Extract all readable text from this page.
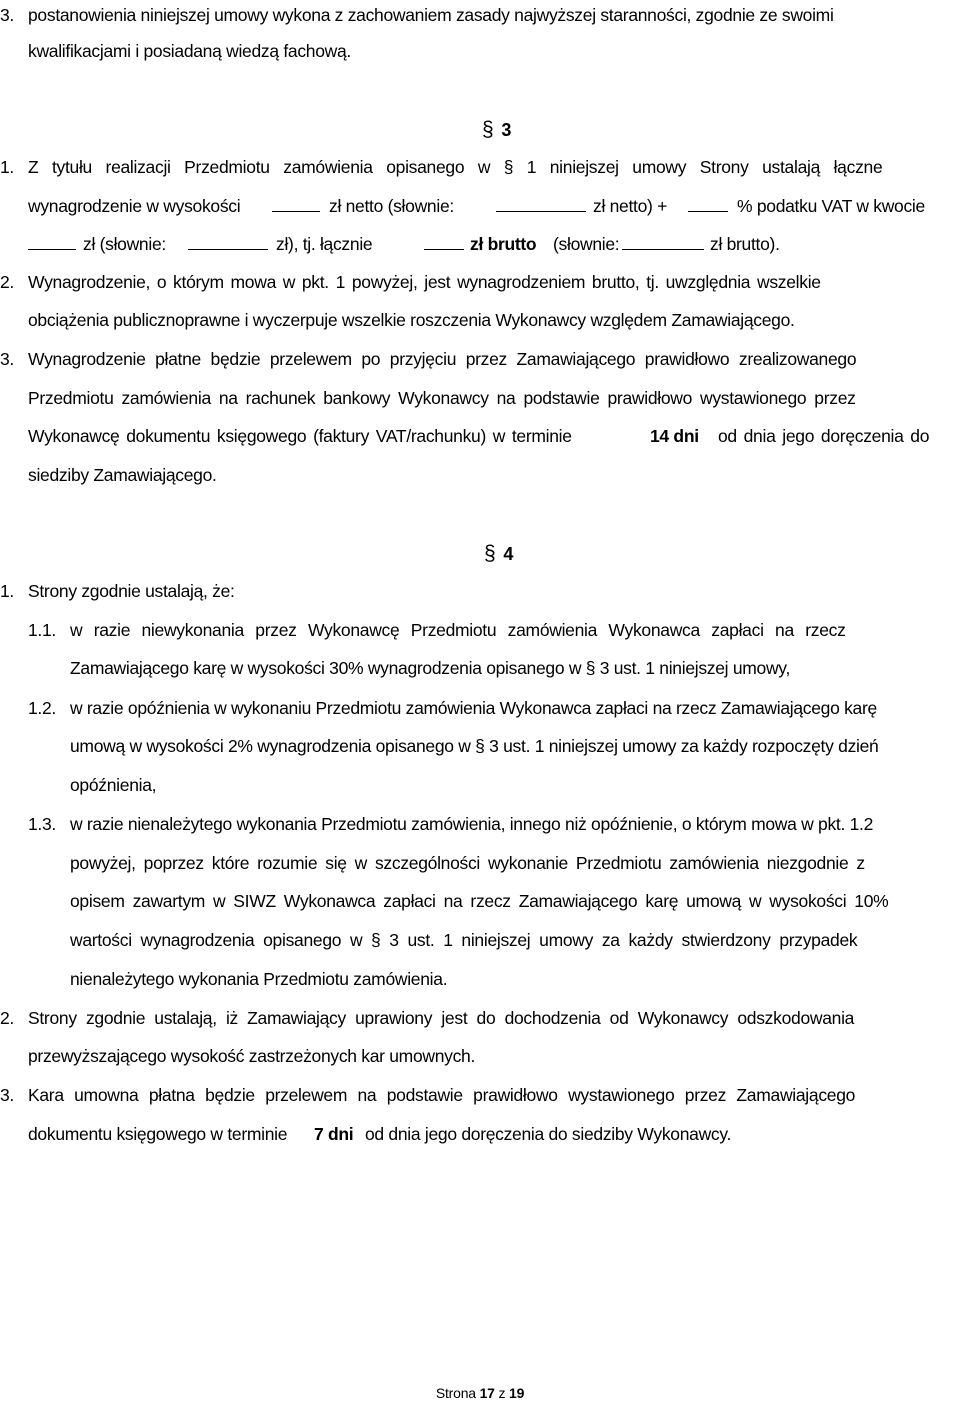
3. postanowienia niniejszej umowy wykona z zachowaniem zasady najwyższej staranności, zgodnie ze swoimi
kwalifikacjami i posiadaną wiedzą fachową.
§ 3
1. Z tytułu realizacji Przedmiotu zamówienia opisanego w § 1 niniejszej umowy Strony ustalają łączne
wynagrodzenie w wysokości	zł netto (słownie:	zł netto) +	% podatku VAT w kwocie
zł (słownie:	zł), tj. łącznie	zł brutto (słownie:	zł brutto).
2. Wynagrodzenie, o którym mowa w pkt. 1 powyżej, jest wynagrodzeniem brutto, tj. uwzględnia wszelkie
obciążenia publicznoprawne i wyczerpuje wszelkie roszczenia Wykonawcy względem Zamawiającego.
3. Wynagrodzenie płatne będzie przelewem po przyjęciu przez Zamawiającego prawidłowo zrealizowanego
Przedmiotu zamówienia na rachunek bankowy Wykonawcy na podstawie prawidłowo wystawionego przez
Wykonawcę dokumentu księgowego (faktury VAT/rachunku) w terminie	14 dni od dnia jego doręczenia do
siedziby Zamawiającego.
§ 4
1. Strony zgodnie ustalają, że:
1.1. w razie niewykonania przez Wykonawcę Przedmiotu zamówienia Wykonawca zapłaci na rzecz
Zamawiającego karę w wysokości 30% wynagrodzenia opisanego w § 3 ust. 1 niniejszej umowy,
1.2. w razie opóźnienia w wykonaniu Przedmiotu zamówienia Wykonawca zapłaci na rzecz Zamawiającego karę
umową w wysokości 2% wynagrodzenia opisanego w § 3 ust. 1 niniejszej umowy za każdy rozpoczęty dzień
opóźnienia,
1.3. w razie nienależytego wykonania Przedmiotu zamówienia, innego niż opóźnienie, o którym mowa w pkt. 1.2
powyżej, poprzez które rozumie się w szczególności wykonanie Przedmiotu zamówienia niezgodnie z
opisem zawartym w SIWZ Wykonawca zapłaci na rzecz Zamawiającego karę umową w wysokości 10%
wartości wynagrodzenia opisanego w § 3 ust. 1 niniejszej umowy za każdy stwierdzony przypadek
nienależytego wykonania Przedmiotu zamówienia.
2. Strony zgodnie ustalają, iż Zamawiający uprawiony jest do dochodzenia od Wykonawcy odszkodowania
przewyższającego wysokość zastrzeżonych kar umownych.
3. Kara umowna płatna będzie przelewem na podstawie prawidłowo wystawionego przez Zamawiającego
dokumentu księgowego w terminie 7 dni od dnia jego doręczenia do siedziby Wykonawcy.
Strona 17 z 19
